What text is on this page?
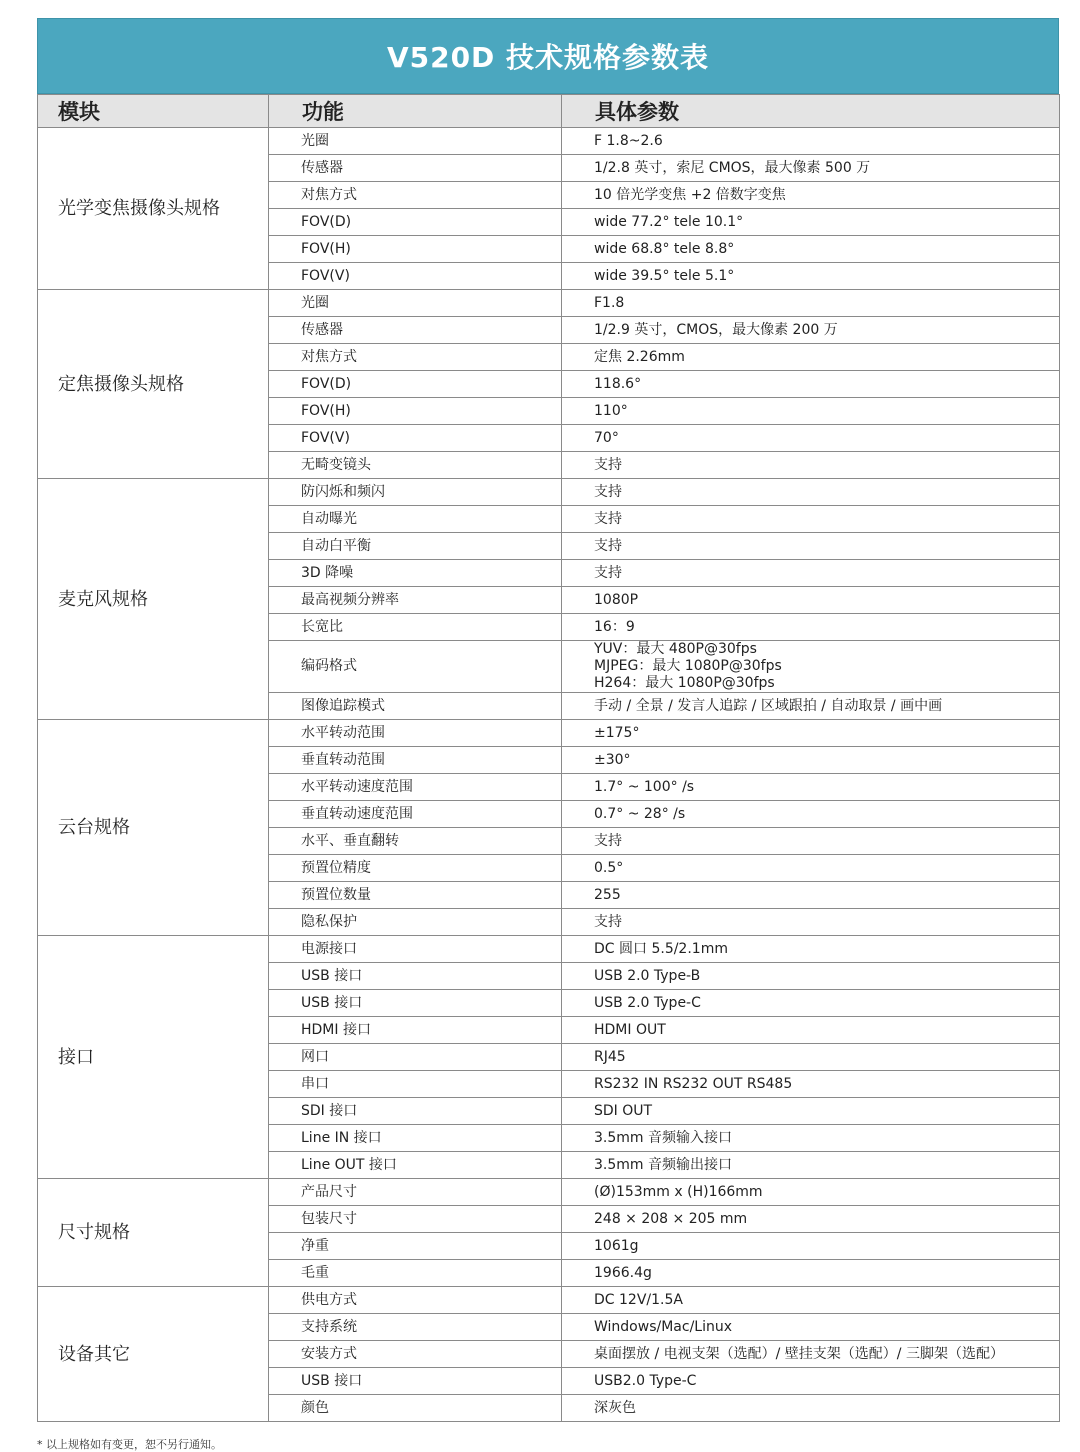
V520D 技术规格参数表
模块	功能	具体参数
光学变焦摄像头规格	光圈	F 1.8~2.6
	传感器	1/2.8 英寸，索尼 CMOS，最大像素 500 万
	对焦方式	10 倍光学变焦 +2 倍数字变焦
	FOV(D)	wide 77.2° tele 10.1°
	FOV(H)	wide 68.8° tele 8.8°
	FOV(V)	wide 39.5° tele 5.1°
定焦摄像头规格	光圈	F1.8
	传感器	1/2.9 英寸，CMOS，最大像素 200 万
	对焦方式	定焦 2.26mm
	FOV(D)	118.6°
	FOV(H)	110°
	FOV(V)	70°
	无畸变镜头	支持
麦克风规格	防闪烁和频闪	支持
	自动曝光	支持
	自动白平衡	支持
	3D 降噪	支持
	最高视频分辨率	1080P
	长宽比	16：9
	编码格式	YUV：最大 480P@30fps
MJPEG：最大 1080P@30fps
H264：最大 1080P@30fps
	图像追踪模式	手动 / 全景 / 发言人追踪 / 区域跟拍 / 自动取景 / 画中画
云台规格	水平转动范围	±175°
	垂直转动范围	±30°
	水平转动速度范围	1.7° ~ 100° /s
	垂直转动速度范围	0.7° ~ 28° /s
	水平、垂直翻转	支持
	预置位精度	0.5°
	预置位数量	255
	隐私保护	支持
接口	电源接口	DC 圆口 5.5/2.1mm
	USB 接口	USB 2.0 Type-B
	USB 接口	USB 2.0 Type-C
	HDMI 接口	HDMI OUT
	网口	RJ45
	串口	RS232 IN RS232 OUT RS485
	SDI 接口	SDI OUT
	Line IN 接口	3.5mm 音频输入接口
	Line OUT 接口	3.5mm 音频输出接口
尺寸规格	产品尺寸	(Ø)153mm x (H)166mm
	包装尺寸	248 × 208 × 205 mm
	净重	1061g
	毛重	1966.4g
设备其它	供电方式	DC 12V/1.5A
	支持系统	Windows/Mac/Linux
	安装方式	桌面摆放 / 电视支架（选配）/ 壁挂支架（选配）/ 三脚架（选配）
	USB 接口	USB2.0 Type-C
	颜色	深灰色
* 以上规格如有变更，恕不另行通知。
